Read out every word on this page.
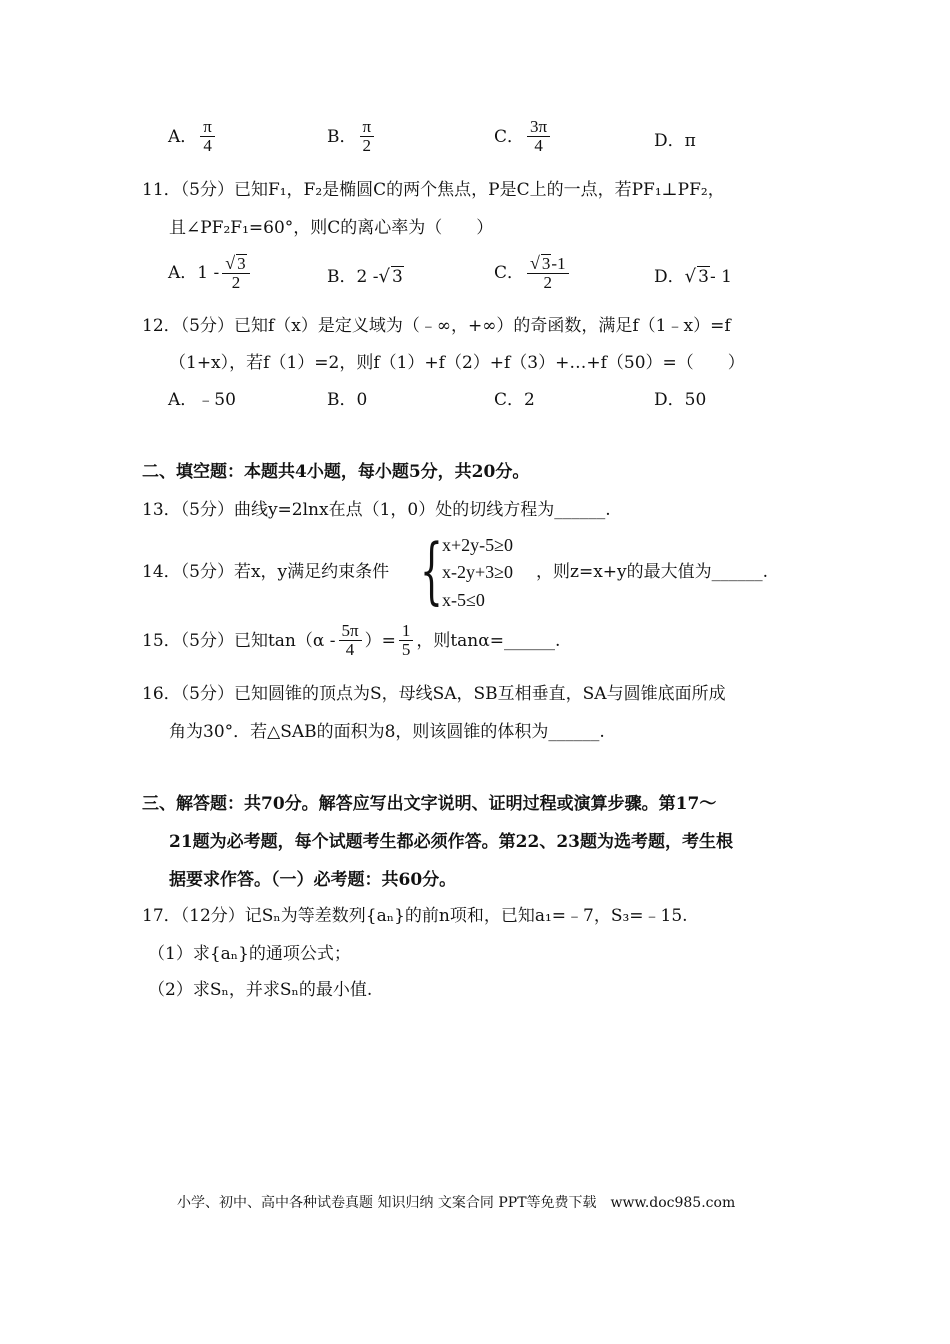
A． $\frac{\pi}{4}$	B． $\frac{\pi}{2}$	C． $\frac{3\pi}{4}$	D． π
11．（5分）已知F₁，F₂是椭圆C的两个焦点，P是C上的一点，若PF₁⊥PF₂，
且∠PF₂F₁=60°，则C的离心率为（　　）
A． $1 - \frac{√ 3}{2}$	B． 2 - √ 3	C． $\frac{√ 3-1}{2}$	D． √ 3 - 1
12．（5分）已知f（x）是定义域为（﹣∞，+∞）的奇函数，满足f（1﹣x）=f
（1+x），若f（1）=2，则f（1）+f（2）+f（3）+…+f（50）=（　　）
A．﹣50	B．0	C．2	D．50
二、填空题：本题共4小题，每小题5分，共20分。
13．（5分）曲线y=2lnx在点（1，0）处的切线方程为______.
14．（5分）若x，y满足约束条件 { x+2y-5≥0
x-2y+3≥0
x-5≤0
，则z=x+y的最大值为______.
15．（5分）已知$\tan(\alpha - \frac{5\pi}{4}$ ）= $\frac{1}{5}$ ，则tanα=______.
16．（5分）已知圆锥的顶点为S，母线SA，SB互相垂直，SA与圆锥底面所成
角为30°．若△SAB的面积为8，则该圆锥的体积为______.
三、解答题：共70分。解答应写出文字说明、证明过程或演算步骤。第17～
21题为必考题，每个试题考生都必须作答。第22、23题为选考题，考生根
据要求作答。（一）必考题：共60分。
17．（12分）记Sₙ为等差数列{aₙ}的前n项和，已知a₁=﹣7，S₃=﹣15.
（1）求{aₙ}的通项公式；
（2）求Sₙ，并求Sₙ的最小值.
小学、初中、高中各种试卷真题 知识归纳 文案合同 PPT等免费下载　www.doc985.com
